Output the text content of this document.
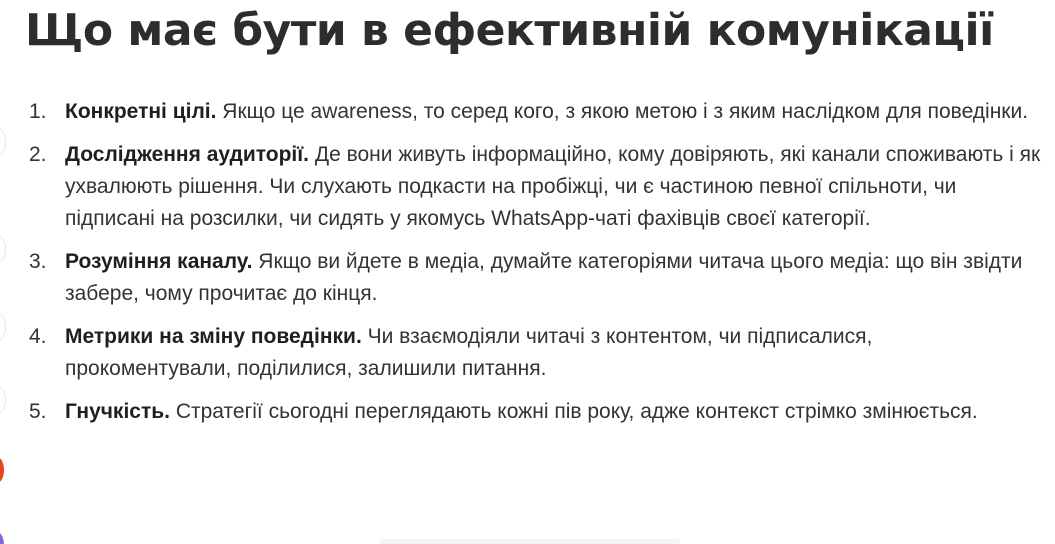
Що має бути в ефективній комунікації
1. Конкретні цілі. Якщо це awareness, то серед кого, з якою метою і з яким наслідком для поведінки.
2. Дослідження аудиторії. Де вони живуть інформаційно, кому довіряють, які канали споживають і як ухвалюють рішення. Чи слухають подкасти на пробіжці, чи є частиною певної спільноти, чи підписані на розсилки, чи сидять у якомусь WhatsApp-чаті фахівців своєї категорії.
3. Розуміння каналу. Якщо ви йдете в медіа, думайте категоріями читача цього медіа: що він звідти забере, чому прочитає до кінця.
4. Метрики на зміну поведінки. Чи взаємодіяли читачі з контентом, чи підписалися, прокоментували, поділилися, залишили питання.
5. Гнучкість. Стратегії сьогодні переглядають кожні пів року, адже контекст стрімко змінюється.
